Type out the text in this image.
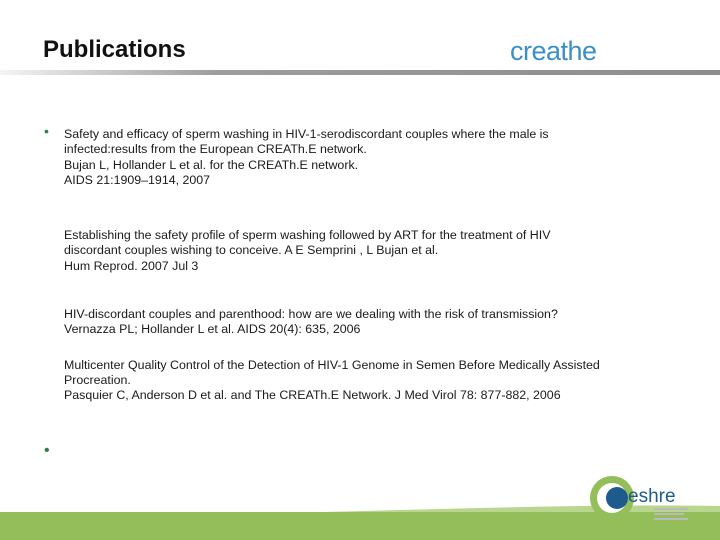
Publications	creathe
•
•
Safety and efficacy of sperm washing in HIV-1-serodiscordant couples where the male is
infected:results from the European CREATh.E network.
Bujan L, Hollander L et al. for the CREATh.E network.
AIDS 21:1909–1914, 2007
Establishing the safety profile of sperm washing followed by ART for the treatment of HIV
discordant couples wishing to conceive. A E Semprini , L Bujan et al.
Hum Reprod. 2007 Jul 3
HIV-discordant couples and parenthood: how are we dealing with the risk of transmission?
Vernazza PL; Hollander L et al. AIDS 20(4): 635, 2006
Multicenter Quality Control of the Detection of HIV-1 Genome in Semen Before Medically Assisted
Procreation.
Pasquier C, Anderson D et al. and The CREATh.E Network. J Med Virol 78: 877-882, 2006
eshre
